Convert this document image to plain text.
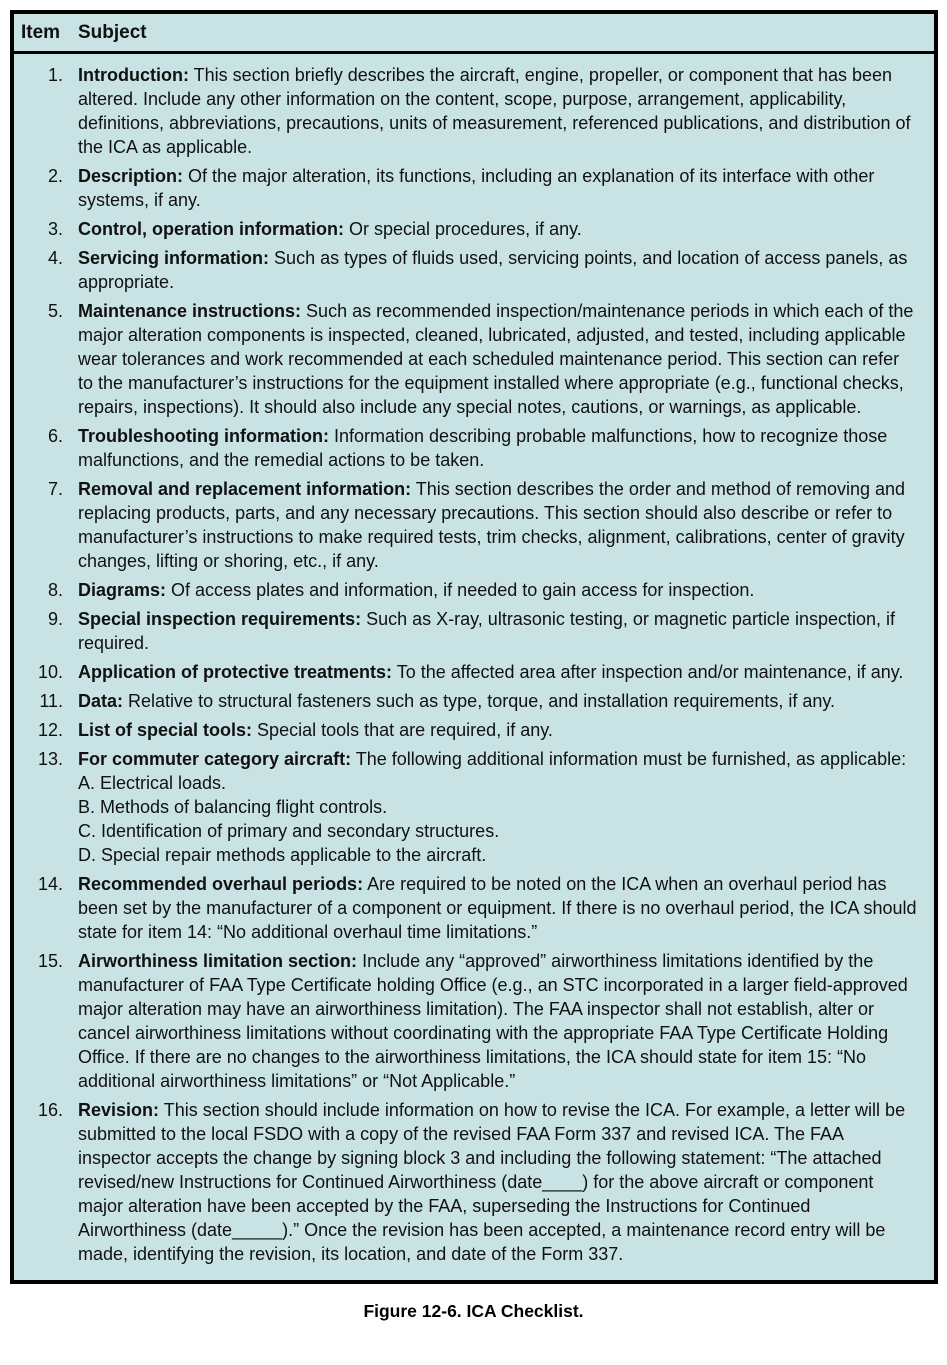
Item Subject
1. Introduction: This section briefly describes the aircraft, engine, propeller, or component that has been altered. Include any other information on the content, scope, purpose, arrangement, applicability, definitions, abbreviations, precautions, units of measurement, referenced publications, and distribution of the ICA as applicable.
2. Description: Of the major alteration, its functions, including an explanation of its interface with other systems, if any.
3. Control, operation information: Or special procedures, if any.
4. Servicing information: Such as types of fluids used, servicing points, and location of access panels, as appropriate.
5. Maintenance instructions: Such as recommended inspection/maintenance periods in which each of the major alteration components is inspected, cleaned, lubricated, adjusted, and tested, including applicable wear tolerances and work recommended at each scheduled maintenance period. This section can refer to the manufacturer’s instructions for the equipment installed where appropriate (e.g., functional checks, repairs, inspections). It should also include any special notes, cautions, or warnings, as applicable.
6. Troubleshooting information: Information describing probable malfunctions, how to recognize those malfunctions, and the remedial actions to be taken.
7. Removal and replacement information: This section describes the order and method of removing and replacing products, parts, and any necessary precautions. This section should also describe or refer to manufacturer’s instructions to make required tests, trim checks, alignment, calibrations, center of gravity changes, lifting or shoring, etc., if any.
8. Diagrams: Of access plates and information, if needed to gain access for inspection.
9. Special inspection requirements: Such as X-ray, ultrasonic testing, or magnetic particle inspection, if required.
10. Application of protective treatments: To the affected area after inspection and/or maintenance, if any.
11. Data: Relative to structural fasteners such as type, torque, and installation requirements, if any.
12. List of special tools: Special tools that are required, if any.
13. For commuter category aircraft: The following additional information must be furnished, as applicable:
A. Electrical loads.
B. Methods of balancing flight controls.
C. Identification of primary and secondary structures.
D. Special repair methods applicable to the aircraft.
14. Recommended overhaul periods: Are required to be noted on the ICA when an overhaul period has been set by the manufacturer of a component or equipment. If there is no overhaul period, the ICA should state for item 14: “No additional overhaul time limitations.”
15. Airworthiness limitation section: Include any “approved” airworthiness limitations identified by the manufacturer of FAA Type Certificate holding Office (e.g., an STC incorporated in a larger field-approved major alteration may have an airworthiness limitation). The FAA inspector shall not establish, alter or cancel airworthiness limitations without coordinating with the appropriate FAA Type Certificate Holding Office. If there are no changes to the airworthiness limitations, the ICA should state for item 15: “No additional airworthiness limitations” or “Not Applicable.”
16. Revision: This section should include information on how to revise the ICA. For example, a letter will be submitted to the local FSDO with a copy of the revised FAA Form 337 and revised ICA. The FAA inspector accepts the change by signing block 3 and including the following statement: “The attached revised/new Instructions for Continued Airworthiness (date____) for the above aircraft or component major alteration have been accepted by the FAA, superseding the Instructions for Continued Airworthiness (date_____).” Once the revision has been accepted, a maintenance record entry will be made, identifying the revision, its location, and date of the Form 337.
Figure 12-6. ICA Checklist.
